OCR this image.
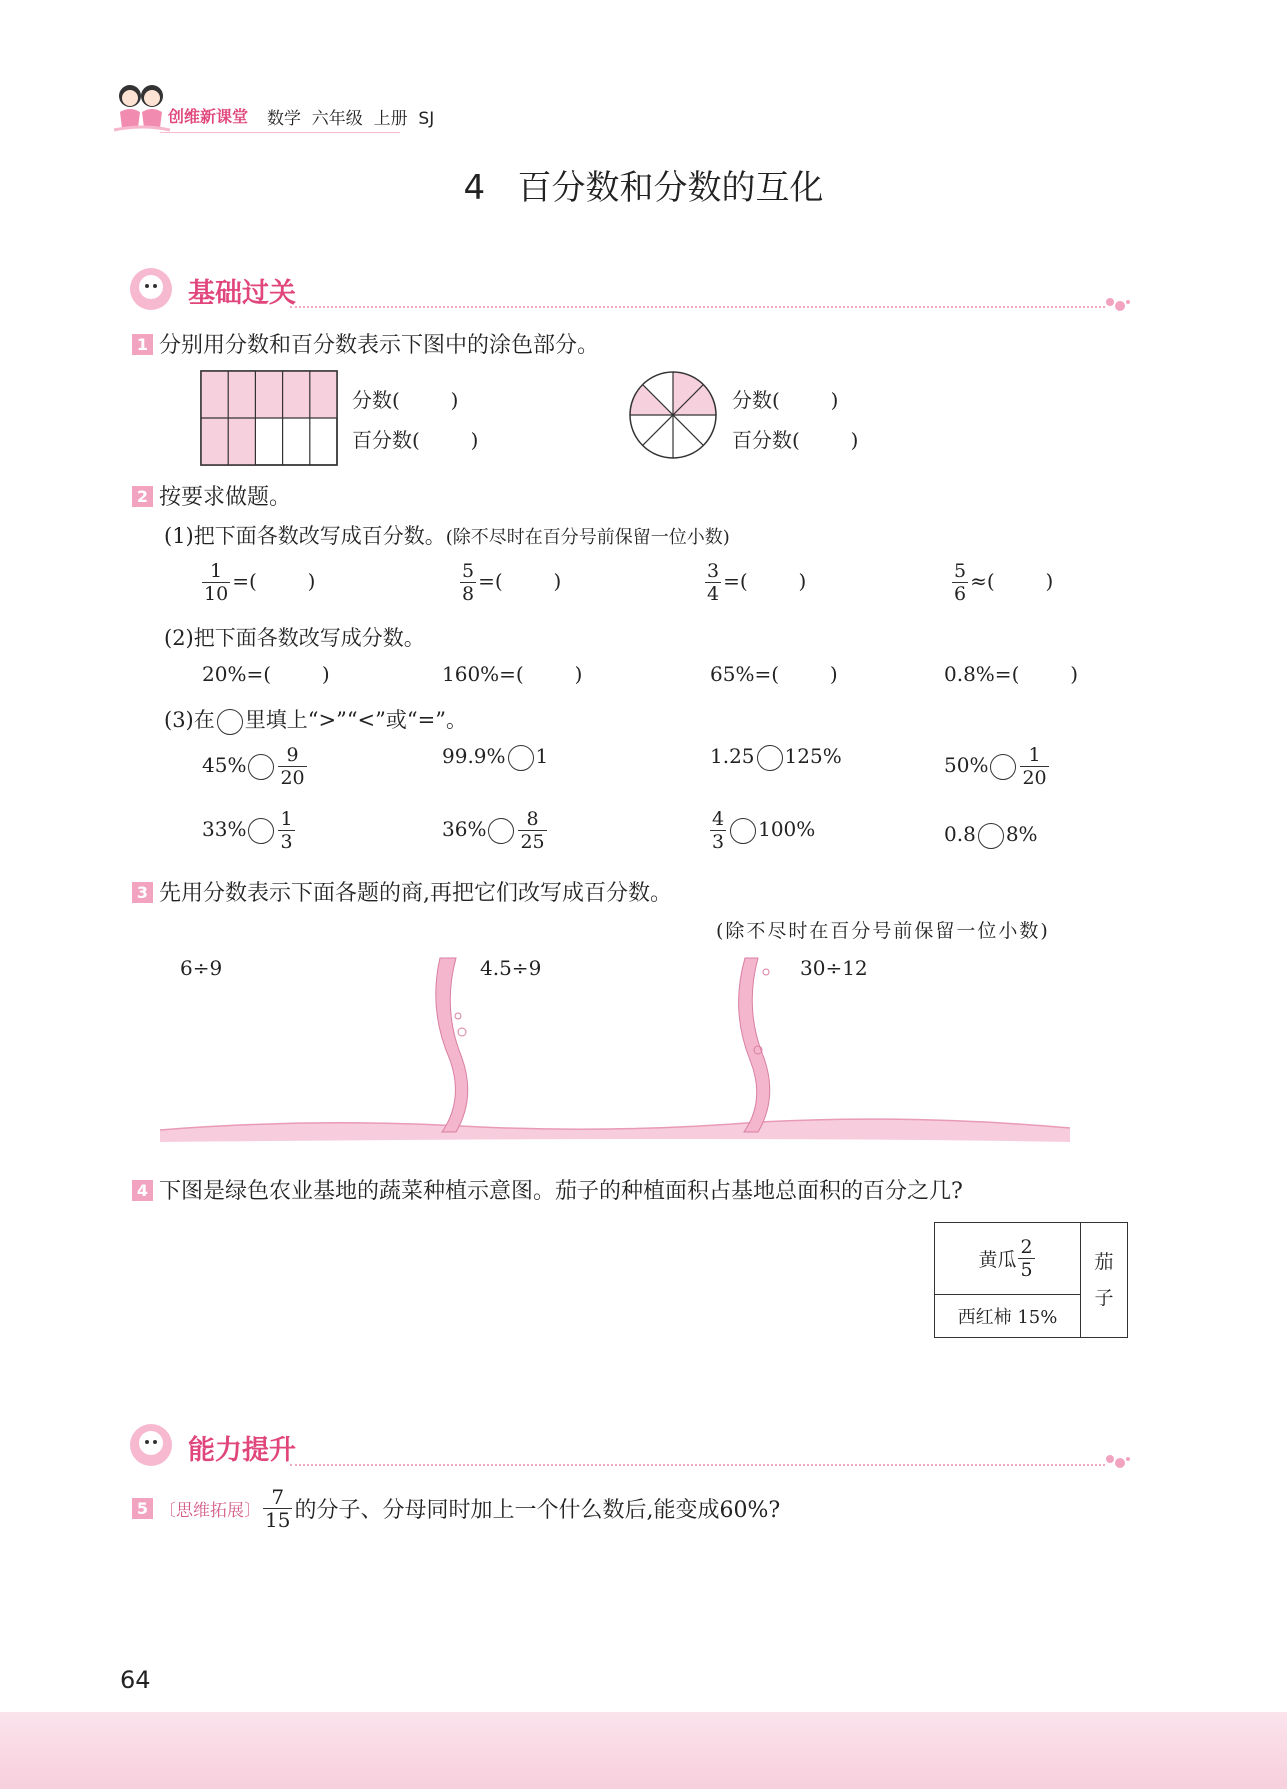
创维新课堂 数学  六年级  上册  SJ
4   百分数和分数的互化
基础过关
1 分别用分数和百分数表示下图中的涂色部分。
分数(        )
百分数(        )
分数(        )
百分数(        )
2 按要求做题。
(1)把下面各数改写成百分数。(除不尽时在百分号前保留一位小数)
$\frac{1}{10}$ =(        )	$\frac{5}{8}$ =(        )	$\frac{3}{4}$ =(        )	$\frac{5}{6}$ ≈(        )
(2)把下面各数改写成分数。
20%=(        )	160%=(        )	65%=(        )	0.8%=(        )
(3)在 里填上“>”“<”或“=”。
$45\% \frac{9}{20}$	99.9% 1	1.25 125%	$50\% \frac{1}{20}$
$33\% \frac{1}{3}$	$36\% \frac{8}{25}$	$\frac{4}{3} 100\%$	0.8 8%
3 先用分数表示下面各题的商,再把它们改写成百分数。
(除不尽时在百分号前保留一位小数)
6÷9	4.5÷9	30÷12
4 下图是绿色农业基地的蔬菜种植示意图。茄子的种植面积占基地总面积的百分之几?
黄瓜 $\frac{2}{5}$
西红柿 15%
茄
子
能力提升
5 〔思维拓展〕 $\frac{7}{15}$ 的分子、分母同时加上一个什么数后,能变成60%?
64
